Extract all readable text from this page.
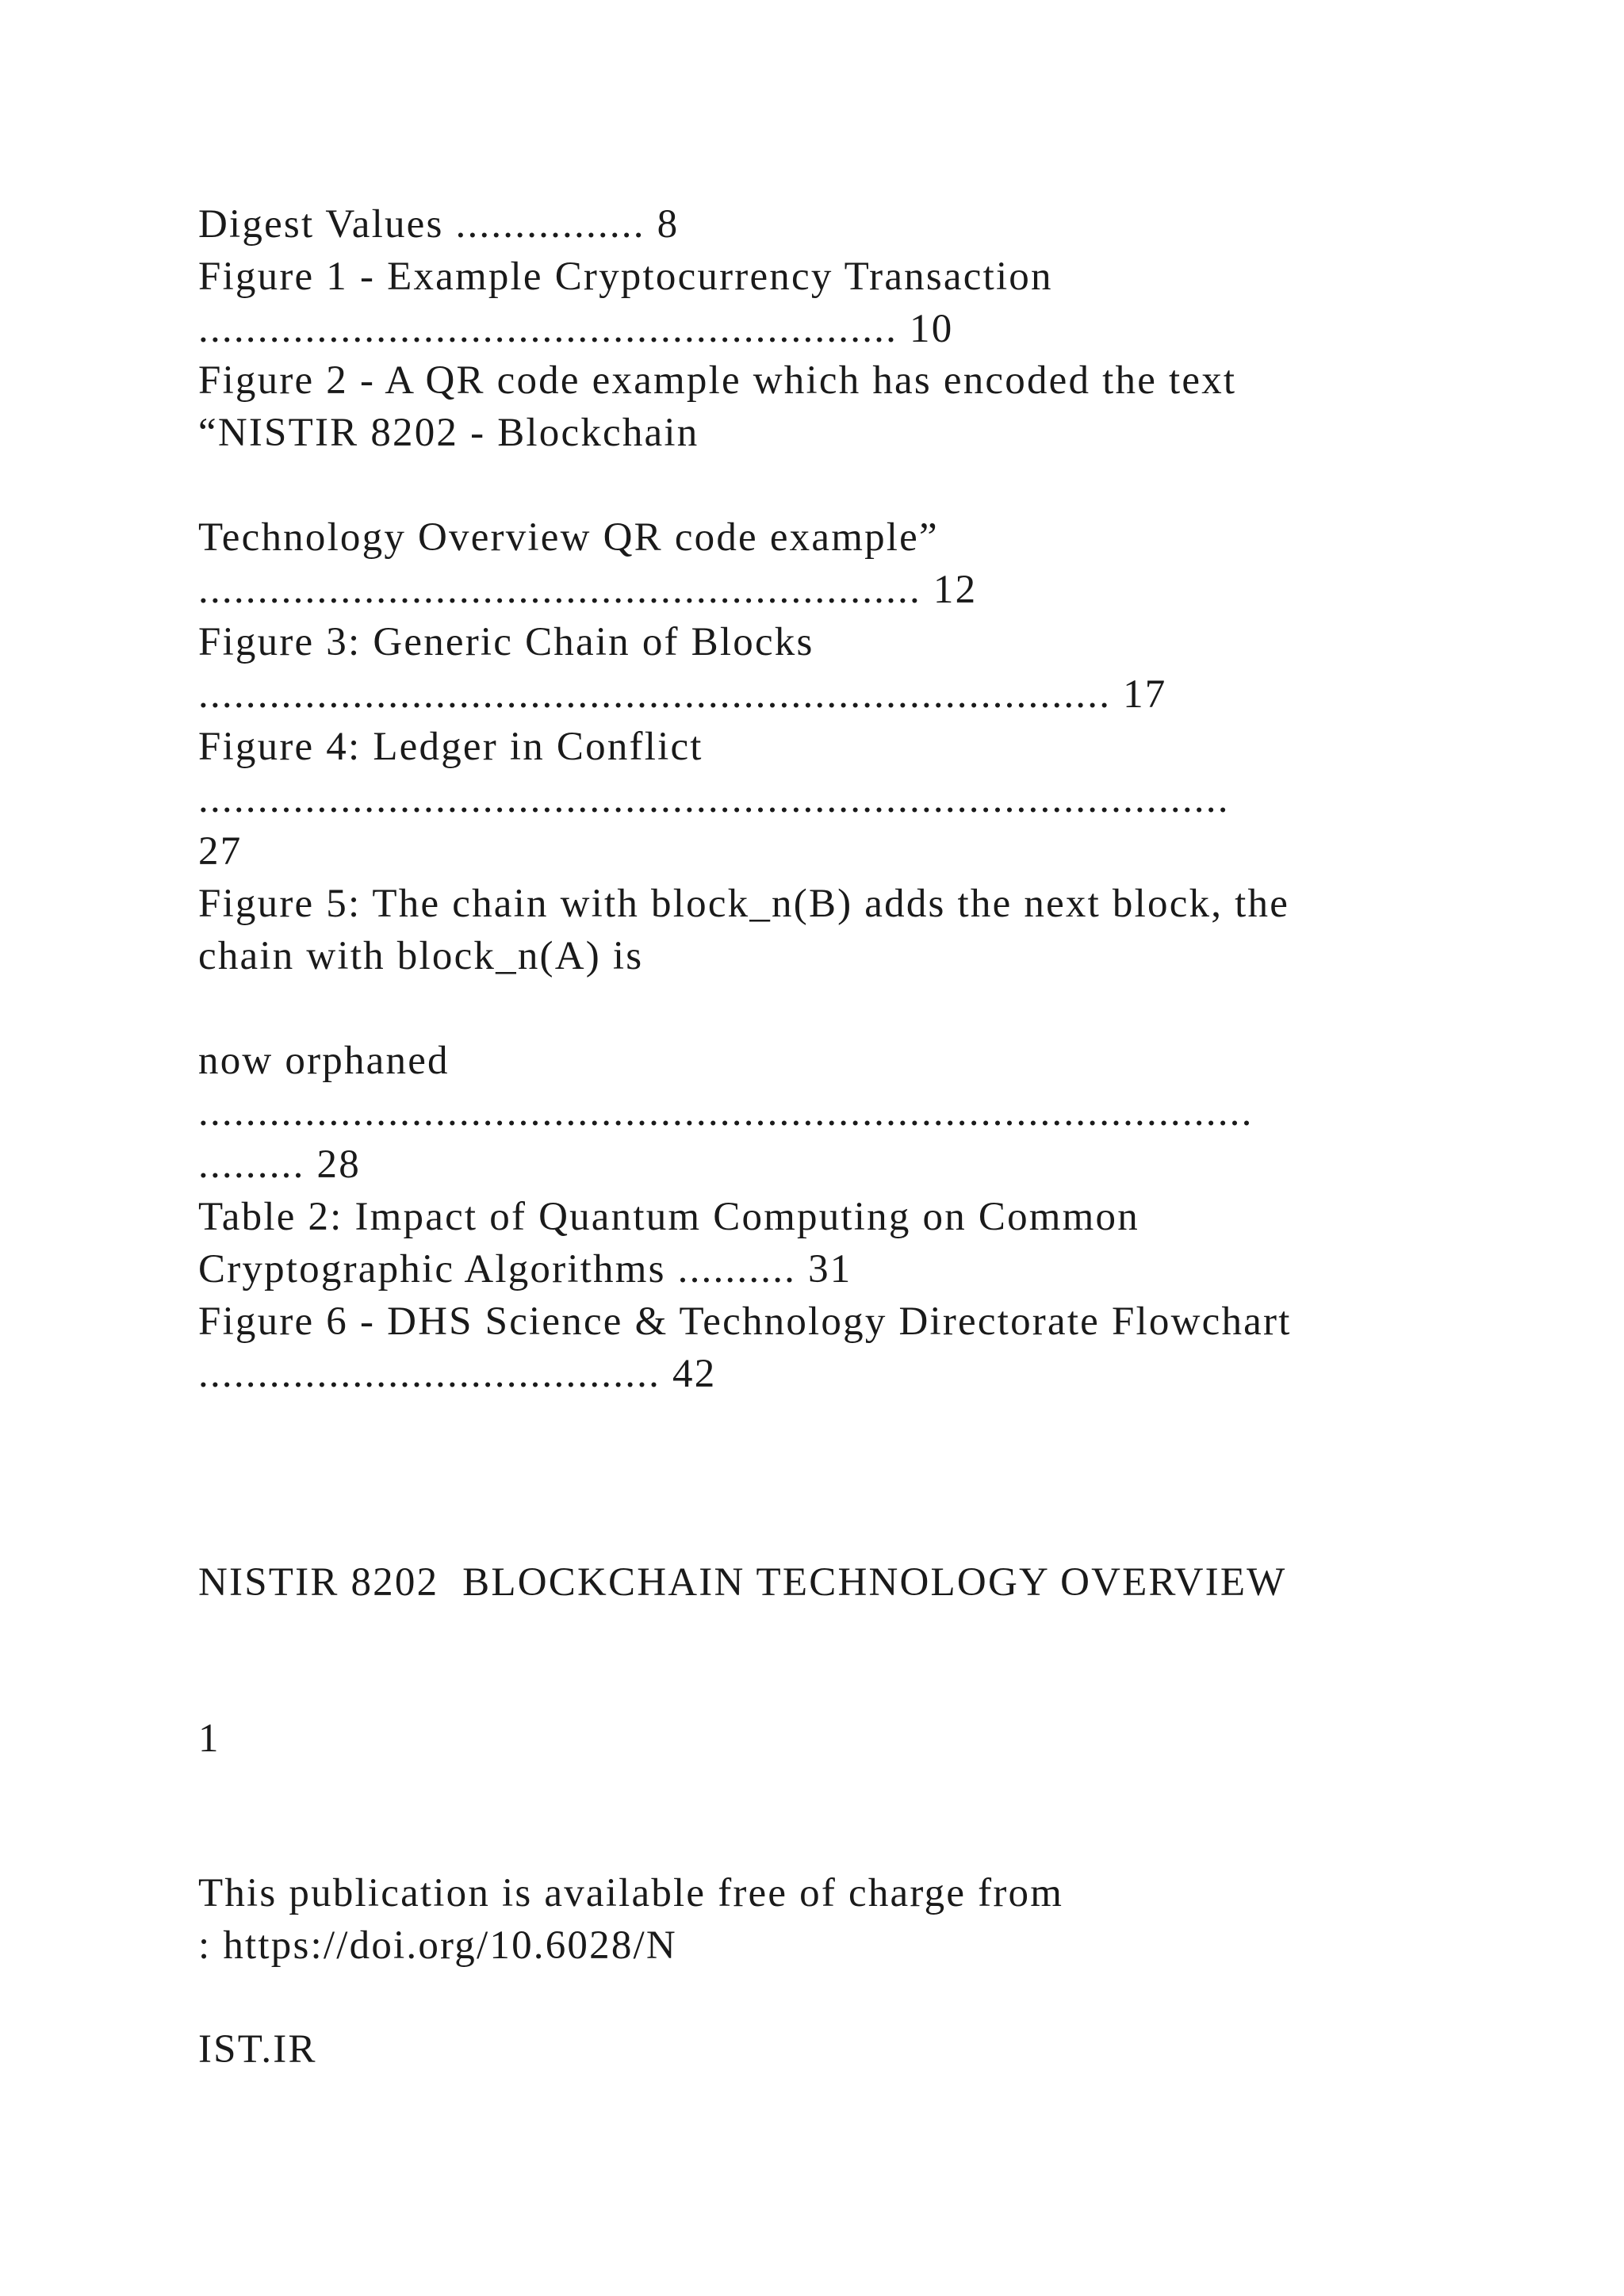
Digest Values ................ 8
Figure 1 - Example Cryptocurrency Transaction
........................................................... 10
Figure 2 - A QR code example which has encoded the text
“NISTIR 8202 - Blockchain
Technology Overview QR code example”
............................................................. 12
Figure 3: Generic Chain of Blocks
............................................................................. 17
Figure 4: Ledger in Conflict
.......................................................................................
27
Figure 5: The chain with block_n(B) adds the next block, the
chain with block_n(A) is
now orphaned
.........................................................................................
......... 28
Table 2: Impact of Quantum Computing on Common
Cryptographic Algorithms .......... 31
Figure 6 - DHS Science & Technology Directorate Flowchart
....................................... 42
NISTIR 8202  BLOCKCHAIN TECHNOLOGY OVERVIEW
1
This publication is available free of charge from
: https://doi.org/10.6028/N
IST.IR
